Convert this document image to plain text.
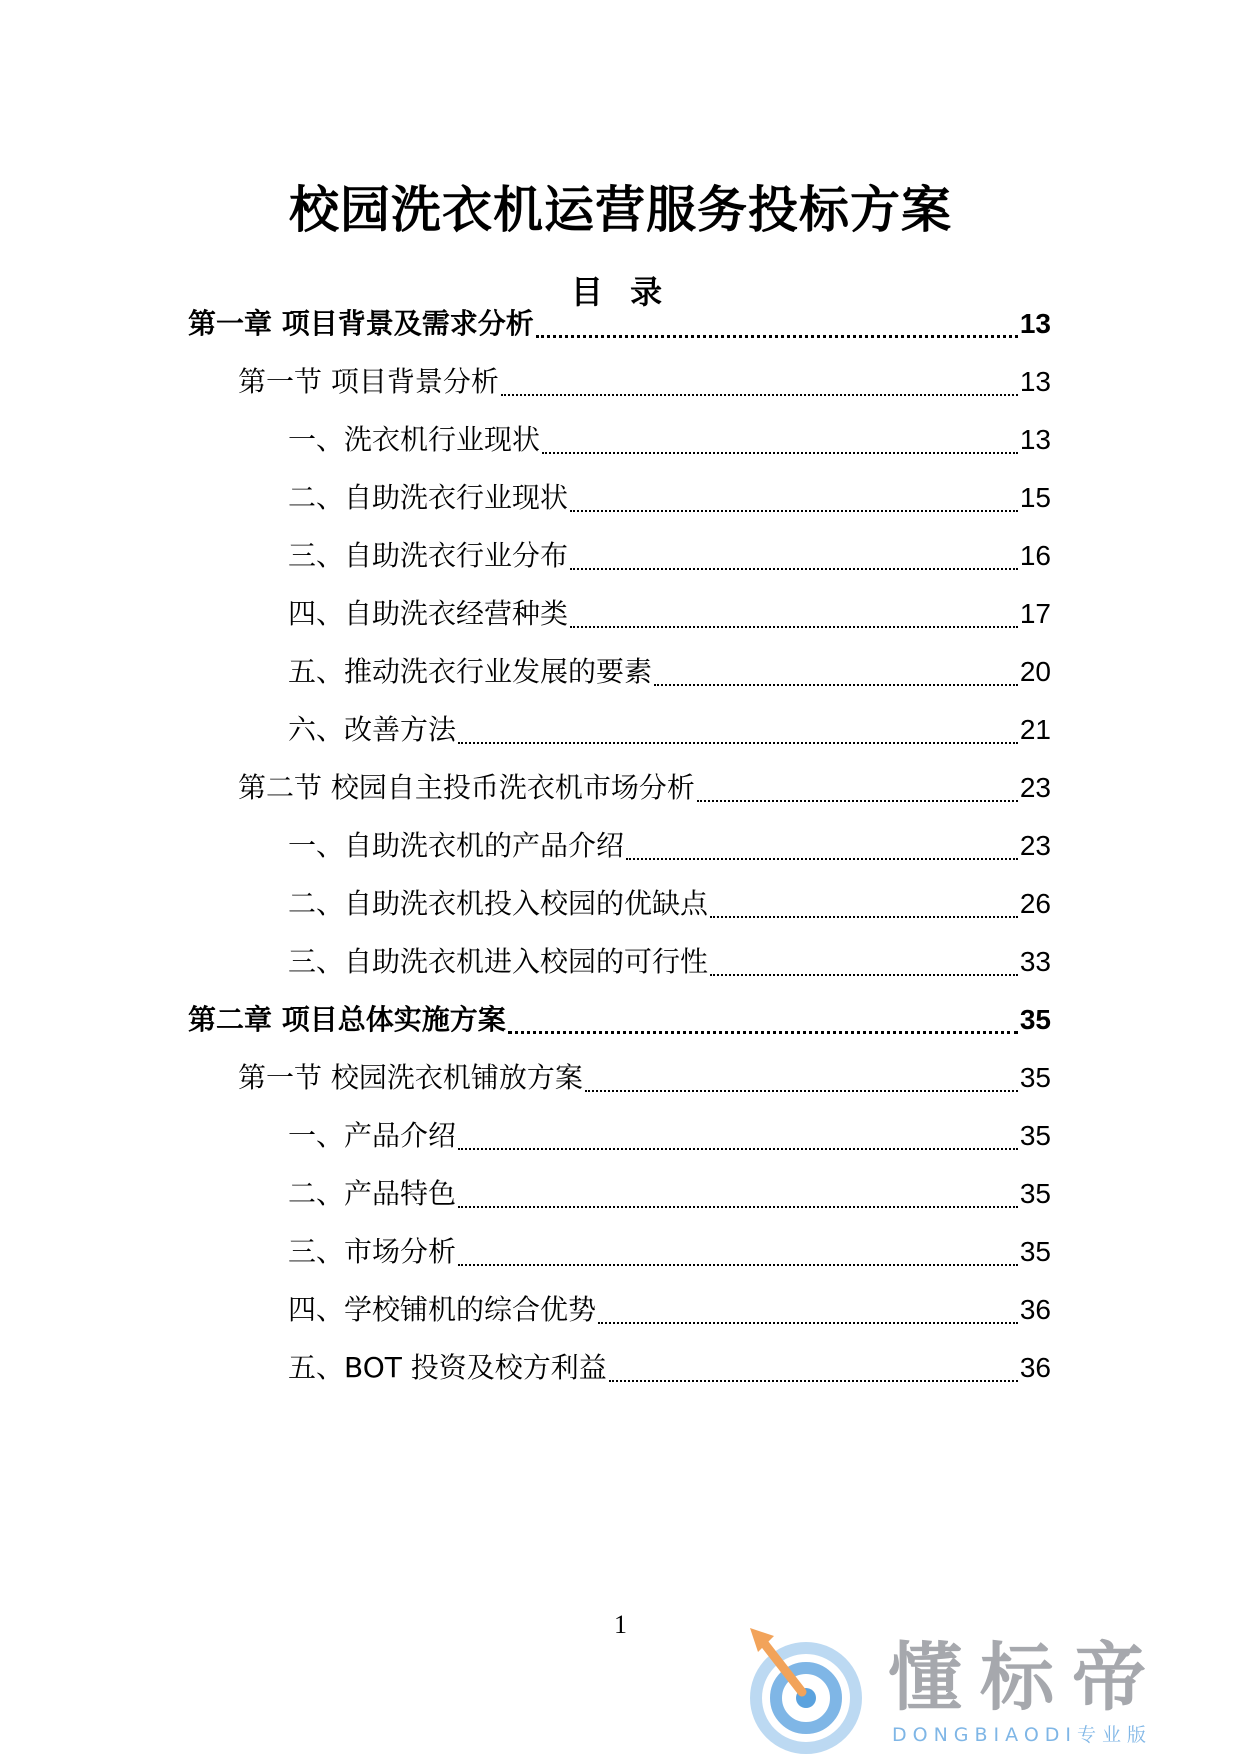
校园洗衣机运营服务投标方案
目 录
第一章 项目背景及需求分析	13
第一节 项目背景分析	13
一、洗衣机行业现状	13
二、自助洗衣行业现状	15
三、自助洗衣行业分布	16
四、自助洗衣经营种类	17
五、推动洗衣行业发展的要素	20
六、改善方法	21
第二节 校园自主投币洗衣机市场分析	23
一、自助洗衣机的产品介绍	23
二、自助洗衣机投入校园的优缺点	26
三、自助洗衣机进入校园的可行性	33
第二章 项目总体实施方案	35
第一节 校园洗衣机铺放方案	35
一、产品介绍	35
二、产品特色	35
三、市场分析	35
四、学校铺机的综合优势	36
五、BOT 投资及校方利益	36
1
懂标帝
DONGBIAODI专业版
